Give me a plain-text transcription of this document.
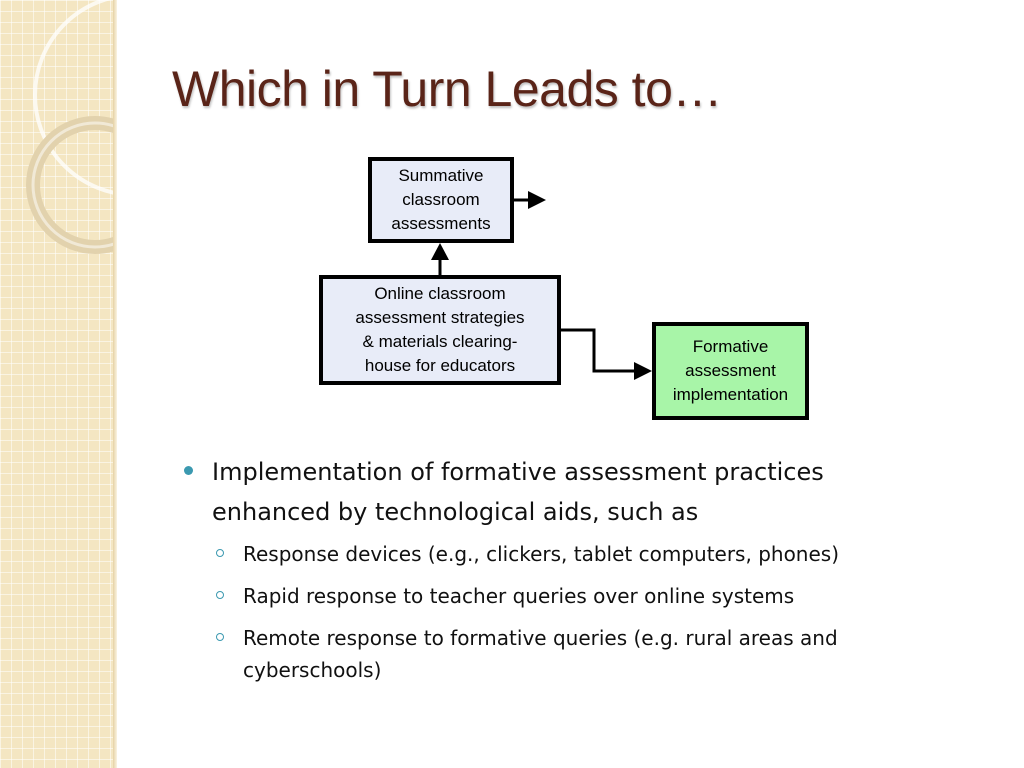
Which in Turn Leads to…
Summative
classroom
assessments
Online classroom
assessment strategies
& materials clearing-
house for educators
Formative
assessment
implementation
Implementation of formative assessment practices enhanced by technological aids, such as
Response devices (e.g., clickers, tablet computers, phones)
Rapid response to teacher queries over online systems
Remote response to formative queries (e.g. rural areas and cyberschools)
